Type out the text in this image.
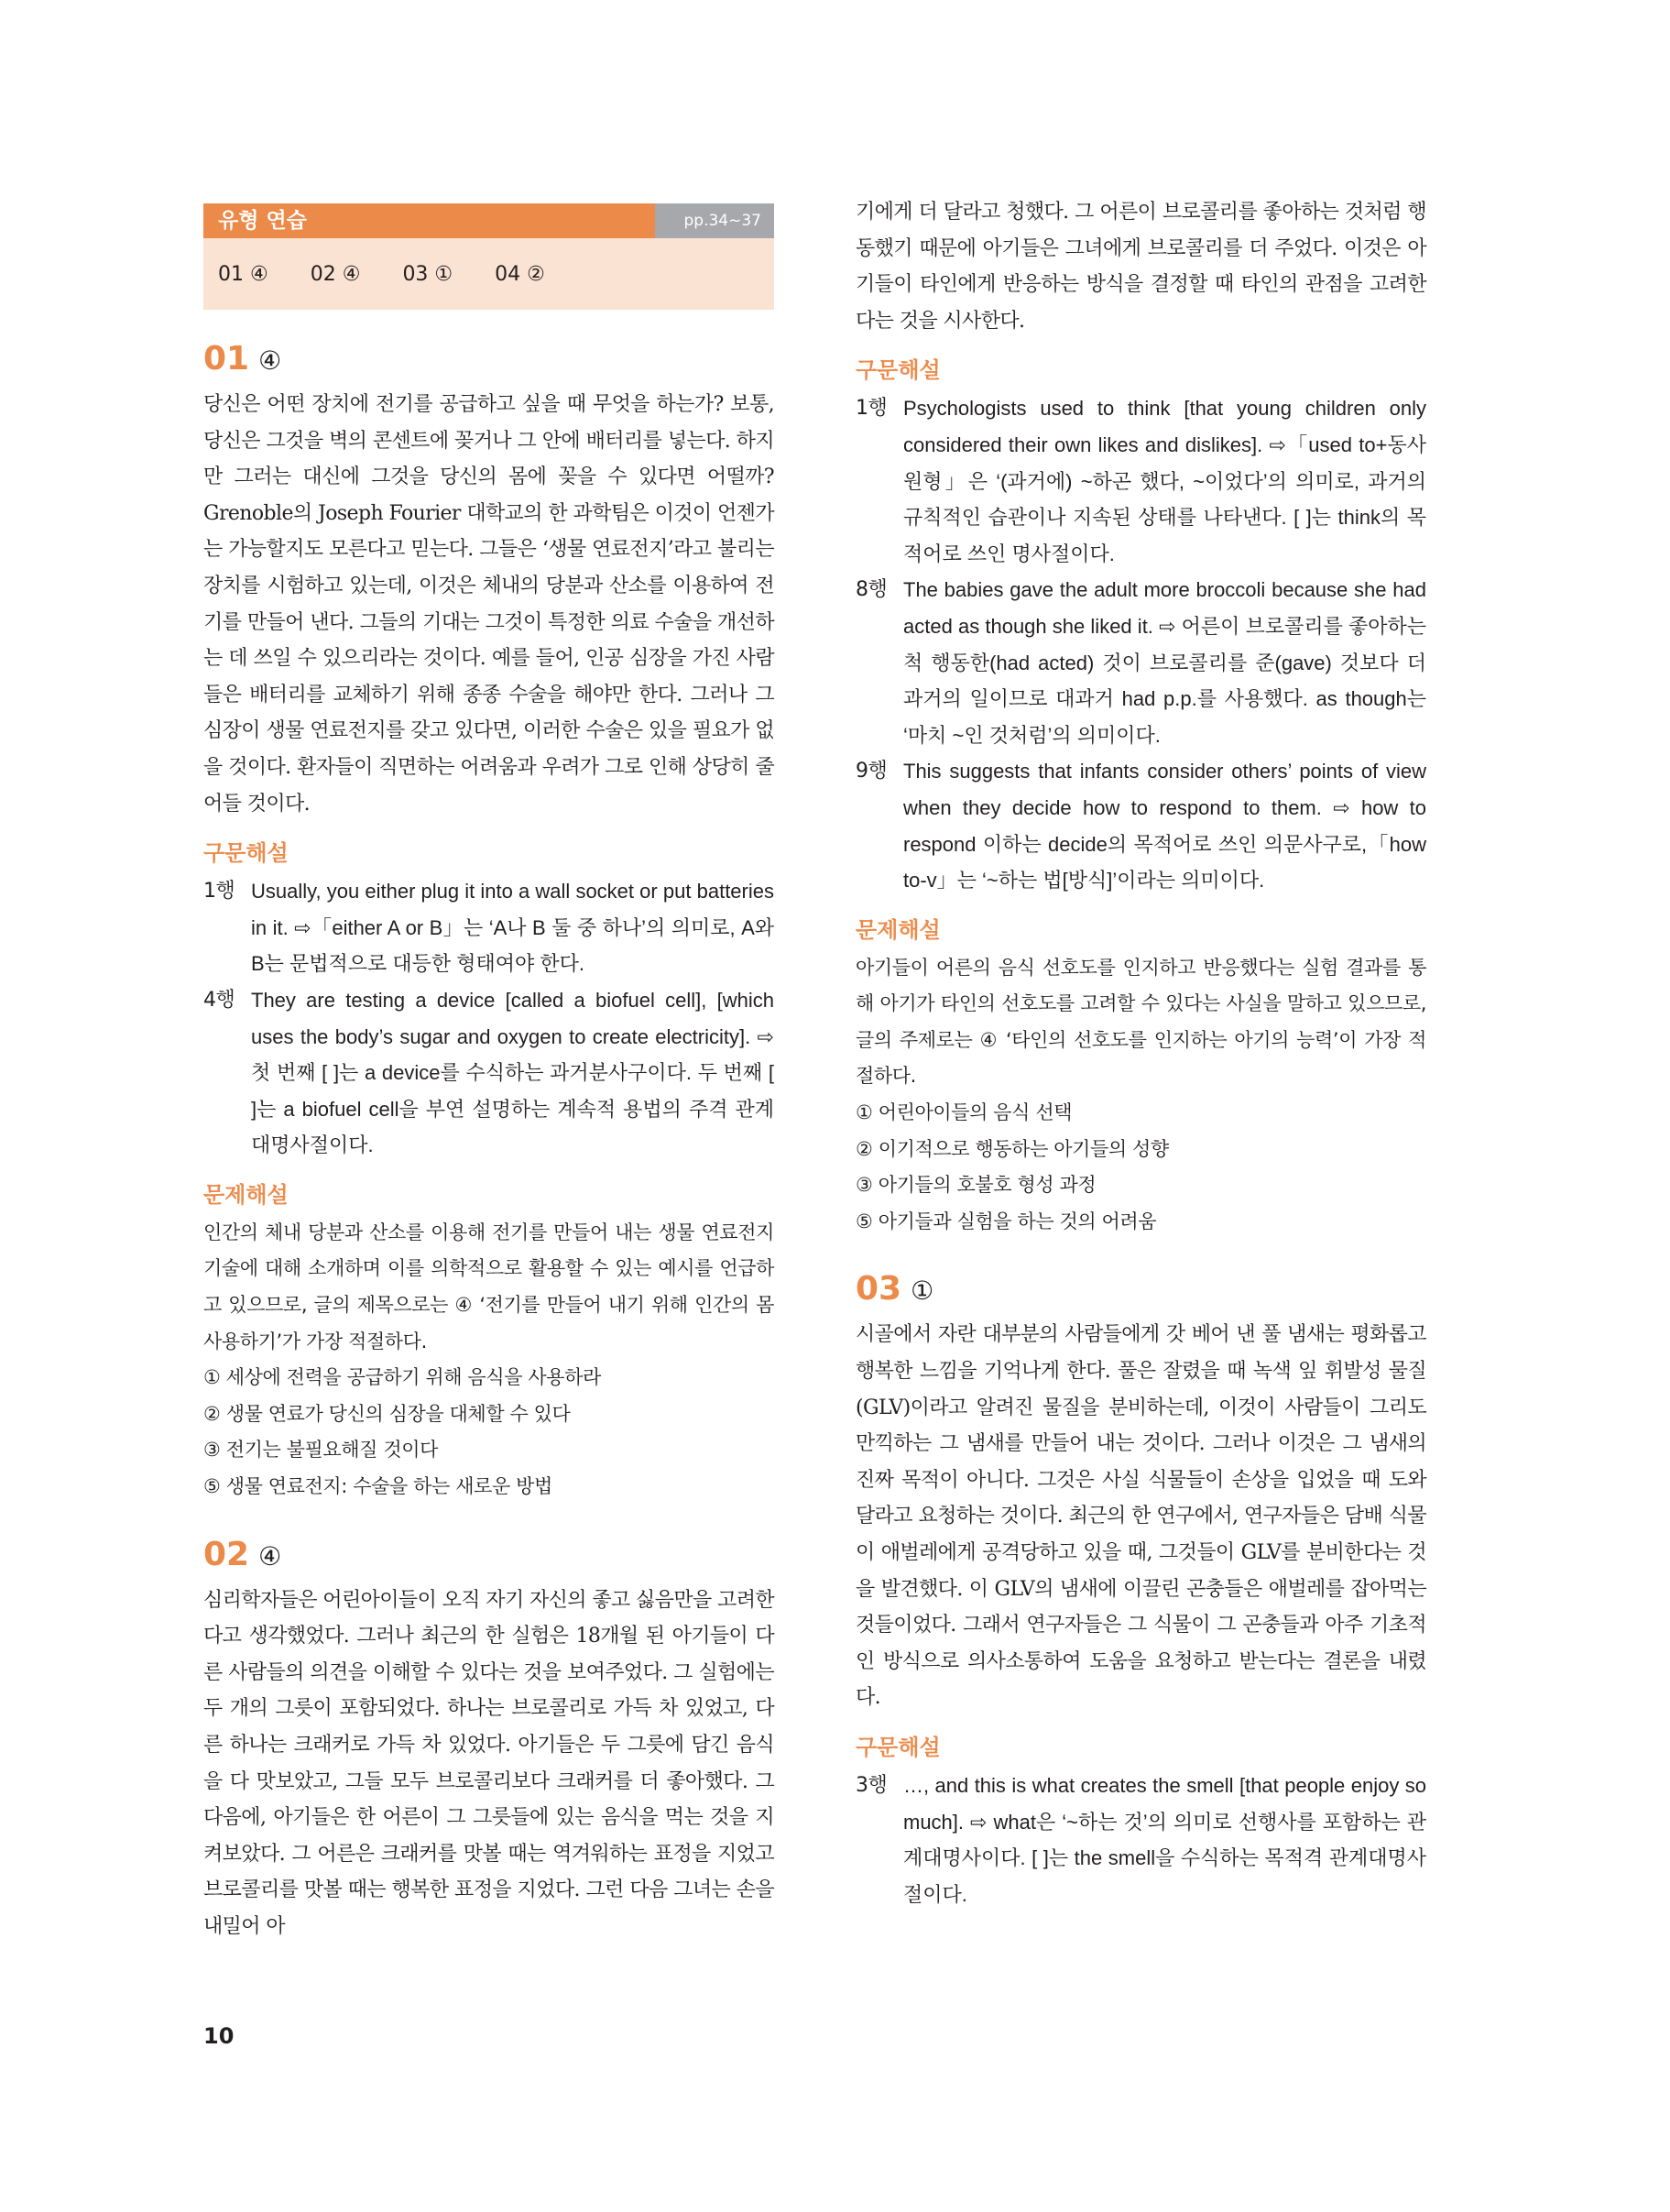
유형 연습	pp.34~37
01 ④ 02 ④ 03 ① 04 ②
01 ④

당신은 어떤 장치에 전기를 공급하고 싶을 때 무엇을 하는가? 보통, 당신은 그것을 벽의 콘센트에 꽂거나 그 안에 배터리를 넣는다. 하지만 그러는 대신에 그것을 당신의 몸에 꽂을 수 있다면 어떨까? Grenoble의 Joseph Fourier 대학교의 한 과학팀은 이것이 언젠가는 가능할지도 모른다고 믿는다. 그들은 ‘생물 연료전지’라고 불리는 장치를 시험하고 있는데, 이것은 체내의 당분과 산소를 이용하여 전기를 만들어 낸다. 그들의 기대는 그것이 특정한 의료 수술을 개선하는 데 쓰일 수 있으리라는 것이다. 예를 들어, 인공 심장을 가진 사람들은 배터리를 교체하기 위해 종종 수술을 해야만 한다. 그러나 그 심장이 생물 연료전지를 갖고 있다면, 이러한 수술은 있을 필요가 없을 것이다. 환자들이 직면하는 어려움과 우려가 그로 인해 상당히 줄어들 것이다.

구문해설
1행 Usually, you either plug it into a wall socket or put batteries in it. ⇨「either A or B」는 ‘A나 B 둘 중 하나’의 의미로, A와 B는 문법적으로 대등한 형태여야 한다.
4행 They are testing a device [called a biofuel cell], [which uses the body’s sugar and oxygen to create electricity]. ⇨ 첫 번째 [ ]는 a device를 수식하는 과거분사구이다. 두 번째 [ ]는 a biofuel cell을 부연 설명하는 계속적 용법의 주격 관계대명사절이다.
문제해설

인간의 체내 당분과 산소를 이용해 전기를 만들어 내는 생물 연료전지 기술에 대해 소개하며 이를 의학적으로 활용할 수 있는 예시를 언급하고 있으므로, 글의 제목으로는 ④ ‘전기를 만들어 내기 위해 인간의 몸 사용하기’가 가장 적절하다.

① 세상에 전력을 공급하기 위해 음식을 사용하라

② 생물 연료가 당신의 심장을 대체할 수 있다

③ 전기는 불필요해질 것이다

⑤ 생물 연료전지: 수술을 하는 새로운 방법

02 ④

심리학자들은 어린아이들이 오직 자기 자신의 좋고 싫음만을 고려한다고 생각했었다. 그러나 최근의 한 실험은 18개월 된 아기들이 다른 사람들의 의견을 이해할 수 있다는 것을 보여주었다. 그 실험에는 두 개의 그릇이 포함되었다. 하나는 브로콜리로 가득 차 있었고, 다른 하나는 크래커로 가득 차 있었다. 아기들은 두 그릇에 담긴 음식을 다 맛보았고, 그들 모두 브로콜리보다 크래커를 더 좋아했다. 그다음에, 아기들은 한 어른이 그 그릇들에 있는 음식을 먹는 것을 지켜보았다. 그 어른은 크래커를 맛볼 때는 역겨워하는 표정을 지었고 브로콜리를 맛볼 때는 행복한 표정을 지었다. 그런 다음 그녀는 손을 내밀어 아

기에게 더 달라고 청했다. 그 어른이 브로콜리를 좋아하는 것처럼 행동했기 때문에 아기들은 그녀에게 브로콜리를 더 주었다. 이것은 아기들이 타인에게 반응하는 방식을 결정할 때 타인의 관점을 고려한다는 것을 시사한다.

구문해설
1행 Psychologists used to think [that young children only considered their own likes and dislikes]. ⇨「used to+동사원형」은 ‘(과거에) ~하곤 했다, ~이었다’의 의미로, 과거의 규칙적인 습관이나 지속된 상태를 나타낸다. [ ]는 think의 목적어로 쓰인 명사절이다.
8행 The babies gave the adult more broccoli because she had acted as though she liked it. ⇨ 어른이 브로콜리를 좋아하는 척 행동한(had acted) 것이 브로콜리를 준(gave) 것보다 더 과거의 일이므로 대과거 had p.p.를 사용했다. as though는 ‘마치 ~인 것처럼’의 의미이다.
9행 This suggests that infants consider others’ points of view when they decide how to respond to them. ⇨ how to respond 이하는 decide의 목적어로 쓰인 의문사구로,「how to-v」는 ‘~하는 법[방식]’이라는 의미이다.
문제해설

아기들이 어른의 음식 선호도를 인지하고 반응했다는 실험 결과를 통해 아기가 타인의 선호도를 고려할 수 있다는 사실을 말하고 있으므로, 글의 주제로는 ④ ‘타인의 선호도를 인지하는 아기의 능력’이 가장 적절하다.

① 어린아이들의 음식 선택

② 이기적으로 행동하는 아기들의 성향

③ 아기들의 호불호 형성 과정

⑤ 아기들과 실험을 하는 것의 어려움

03 ①

시골에서 자란 대부분의 사람들에게 갓 베어 낸 풀 냄새는 평화롭고 행복한 느낌을 기억나게 한다. 풀은 잘렸을 때 녹색 잎 휘발성 물질(GLV)이라고 알려진 물질을 분비하는데, 이것이 사람들이 그리도 만끽하는 그 냄새를 만들어 내는 것이다. 그러나 이것은 그 냄새의 진짜 목적이 아니다. 그것은 사실 식물들이 손상을 입었을 때 도와 달라고 요청하는 것이다. 최근의 한 연구에서, 연구자들은 담배 식물이 애벌레에게 공격당하고 있을 때, 그것들이 GLV를 분비한다는 것을 발견했다. 이 GLV의 냄새에 이끌린 곤충들은 애벌레를 잡아먹는 것들이었다. 그래서 연구자들은 그 식물이 그 곤충들과 아주 기초적인 방식으로 의사소통하여 도움을 요청하고 받는다는 결론을 내렸다.

구문해설
3행 …, and this is what creates the smell [that people enjoy so much]. ⇨ what은 ‘~하는 것’의 의미로 선행사를 포함하는 관계대명사이다. [ ]는 the smell을 수식하는 목적격 관계대명사절이다.
10
